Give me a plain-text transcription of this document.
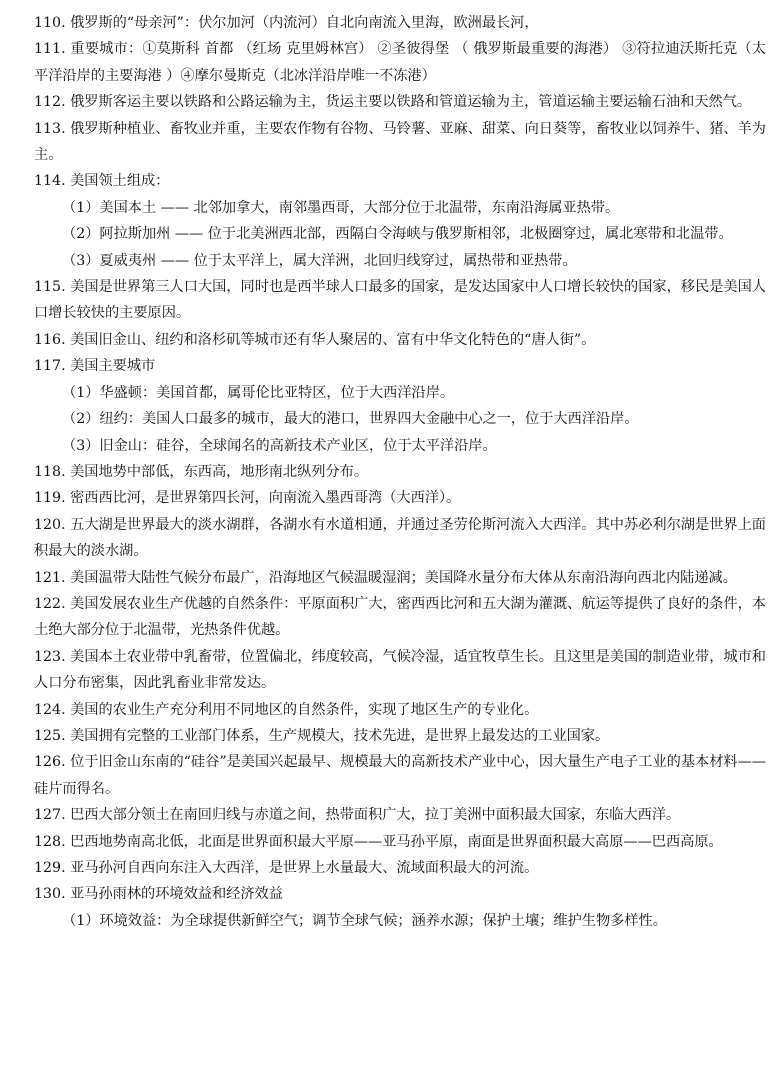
110. 俄罗斯的“母亲河”：伏尔加河（内流河）自北向南流入里海，欧洲最长河，

111. 重要城市：①莫斯科 首都 （红场 克里姆林宫） ②圣彼得堡 （ 俄罗斯最重要的海港） ③符拉迪沃斯托克（太平洋沿岸的主要海港 ）④摩尔曼斯克（北冰洋沿岸唯一不冻港）

112. 俄罗斯客运主要以铁路和公路运输为主，货运主要以铁路和管道运输为主，管道运输主要运输石油和天然气。

113. 俄罗斯种植业、畜牧业并重，主要农作物有谷物、马铃薯、亚麻、甜菜、向日葵等，畜牧业以饲养牛、猪、羊为主。

114. 美国领土组成：

（1）美国本土 —— 北邻加拿大，南邻墨西哥，大部分位于北温带，东南沿海属亚热带。

（2）阿拉斯加州 —— 位于北美洲西北部，西隔白令海峡与俄罗斯相邻，北极圈穿过，属北寒带和北温带。

（3）夏威夷州 —— 位于太平洋上，属大洋洲，北回归线穿过，属热带和亚热带。

115. 美国是世界第三人口大国，同时也是西半球人口最多的国家，是发达国家中人口增长较快的国家，移民是美国人口增长较快的主要原因。

116. 美国旧金山、纽约和洛杉矶等城市还有华人聚居的、富有中华文化特色的“唐人街”。

117. 美国主要城市

（1）华盛顿：美国首都，属哥伦比亚特区，位于大西洋沿岸。

（2）纽约：美国人口最多的城市，最大的港口，世界四大金融中心之一，位于大西洋沿岸。

（3）旧金山：硅谷，全球闻名的高新技术产业区，位于太平洋沿岸。

118. 美国地势中部低，东西高，地形南北纵列分布。

119. 密西西比河，是世界第四长河，向南流入墨西哥湾（大西洋）。

120. 五大湖是世界最大的淡水湖群，各湖水有水道相通，并通过圣劳伦斯河流入大西洋。其中苏必利尔湖是世界上面积最大的淡水湖。

121. 美国温带大陆性气候分布最广，沿海地区气候温暖湿润；美国降水量分布大体从东南沿海向西北内陆递减。

122. 美国发展农业生产优越的自然条件：平原面积广大，密西西比河和五大湖为灌溉、航运等提供了良好的条件，本土绝大部分位于北温带，光热条件优越。

123. 美国本土农业带中乳畜带，位置偏北，纬度较高，气候冷湿，适宜牧草生长。且这里是美国的制造业带，城市和人口分布密集，因此乳畜业非常发达。

124. 美国的农业生产充分利用不同地区的自然条件，实现了地区生产的专业化。

125. 美国拥有完整的工业部门体系，生产规模大，技术先进，是世界上最发达的工业国家。

126. 位于旧金山东南的“硅谷”是美国兴起最早、规模最大的高新技术产业中心，因大量生产电子工业的基本材料——硅片而得名。

127. 巴西大部分领土在南回归线与赤道之间，热带面积广大，拉丁美洲中面积最大国家，东临大西洋。

128. 巴西地势南高北低，北面是世界面积最大平原——亚马孙平原，南面是世界面积最大高原——巴西高原。

129. 亚马孙河自西向东注入大西洋，是世界上水量最大、流域面积最大的河流。

130. 亚马孙雨林的环境效益和经济效益

（1）环境效益：为全球提供新鲜空气；调节全球气候；涵养水源；保护土壤；维护生物多样性。
